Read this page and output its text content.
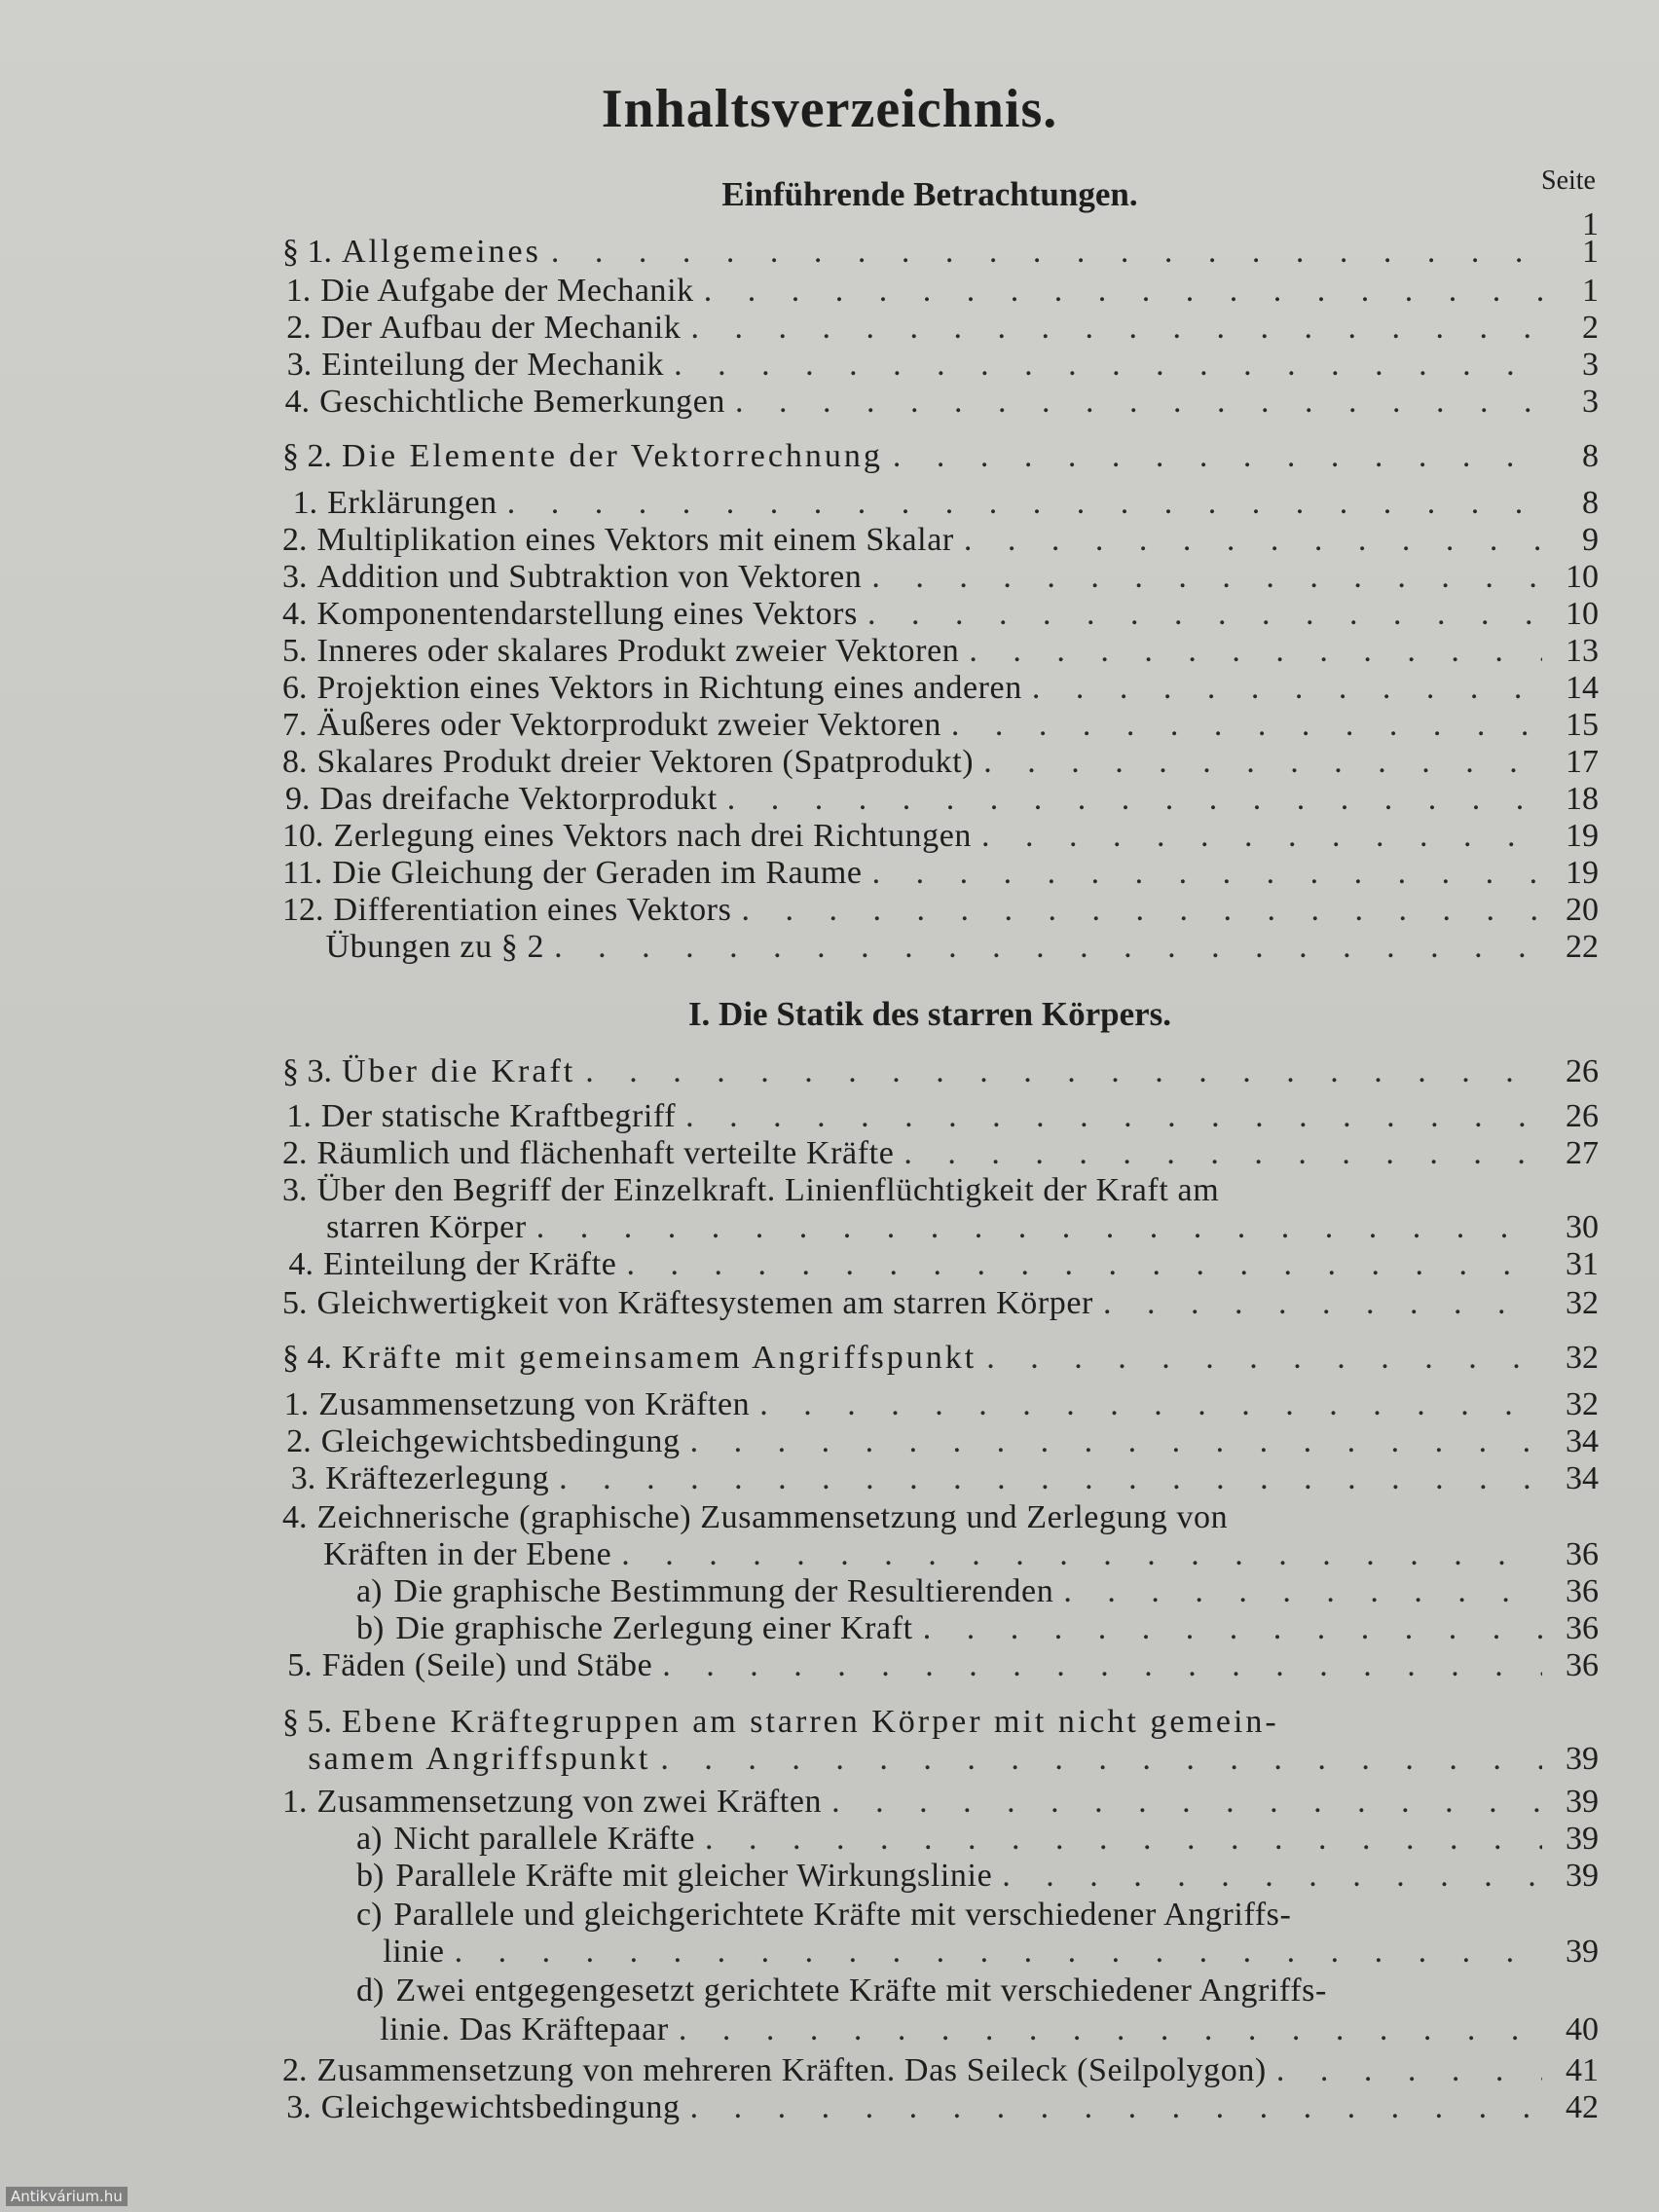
Inhaltsverzeichnis.
Seite
Einführende Betrachtungen.
1
I. Die Statik des starren Körpers.
§ 1. Allgemeines . . .	1
1. Die Aufgabe der Mechanik . . .	1
2. Der Aufbau der Mechanik . . .	2
3. Einteilung der Mechanik . . .	3
4. Geschichtliche Bemerkungen . . .	3
§ 2. Die Elemente der Vektorrechnung . . .	8
1. Erklärungen . . .	8
2. Multiplikation eines Vektors mit einem Skalar . . .	9
3. Addition und Subtraktion von Vektoren . . .	10
4. Komponentendarstellung eines Vektors . . .	10
5. Inneres oder skalares Produkt zweier Vektoren . . .	13
6. Projektion eines Vektors in Richtung eines anderen . . .	14
7. Äußeres oder Vektorprodukt zweier Vektoren . . .	15
8. Skalares Produkt dreier Vektoren (Spatprodukt) . . .	17
9. Das dreifache Vektorprodukt . . .	18
10. Zerlegung eines Vektors nach drei Richtungen . . .	19
11. Die Gleichung der Geraden im Raume . . .	19
12. Differentiation eines Vektors . . .	20
Übungen zu § 2 . . .	22
§ 3. Über die Kraft . . .	26
1. Der statische Kraftbegriff . . .	26
2. Räumlich und flächenhaft verteilte Kräfte . . .	27
3. Über den Begriff der Einzelkraft. Linienflüchtigkeit der Kraft am
starren Körper . . .	30
4. Einteilung der Kräfte . . .	31
5. Gleichwertigkeit von Kräftesystemen am starren Körper . . .	32
§ 4. Kräfte mit gemeinsamem Angriffspunkt . . .	32
1. Zusammensetzung von Kräften . . .	32
2. Gleichgewichtsbedingung . . .	34
3. Kräftezerlegung . . .	34
4. Zeichnerische (graphische) Zusammensetzung und Zerlegung von
Kräften in der Ebene . . .	36
a) Die graphische Bestimmung der Resultierenden . . .	36
b) Die graphische Zerlegung einer Kraft . . .	36
5. Fäden (Seile) und Stäbe . . .	36
§ 5. Ebene Kräftegruppen am starren Körper mit nicht gemein-
samem Angriffspunkt . . .	39
1. Zusammensetzung von zwei Kräften . . .	39
a) Nicht parallele Kräfte . . .	39
b) Parallele Kräfte mit gleicher Wirkungslinie . . .	39
c) Parallele und gleichgerichtete Kräfte mit verschiedener Angriffs-
linie . . .	39
d) Zwei entgegengesetzt gerichtete Kräfte mit verschiedener Angriffs-
linie. Das Kräftepaar . . .	40
2. Zusammensetzung von mehreren Kräften. Das Seileck (Seilpolygon) . . .	41
3. Gleichgewichtsbedingung . . .	42
Antikvárium.hu
